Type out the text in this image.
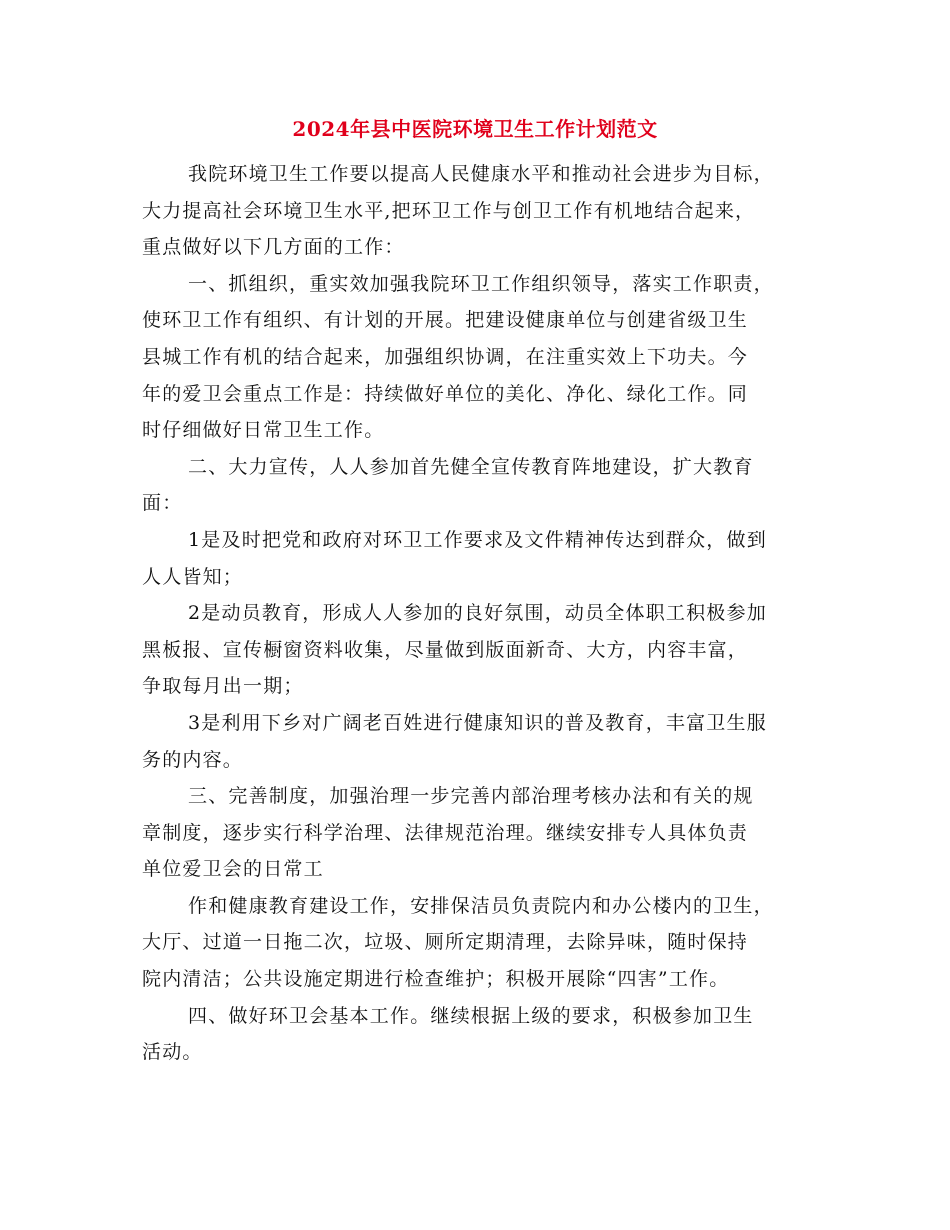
2024年县中医院环境卫生工作计划范文
我院环境卫生工作要以提高人民健康水平和推动社会进步为目标，
大力提高社会环境卫生水平,把环卫工作与创卫工作有机地结合起来，
重点做好以下几方面的工作：
一、抓组织，重实效加强我院环卫工作组织领导，落实工作职责，
使环卫工作有组织、有计划的开展。把建设健康单位与创建省级卫生
县城工作有机的结合起来，加强组织协调，在注重实效上下功夫。今
年的爱卫会重点工作是：持续做好单位的美化、净化、绿化工作。同
时仔细做好日常卫生工作。
二、大力宣传，人人参加首先健全宣传教育阵地建设，扩大教育
面：
1是及时把党和政府对环卫工作要求及文件精神传达到群众，做到
人人皆知；
2是动员教育，形成人人参加的良好氛围，动员全体职工积极参加
黑板报、宣传橱窗资料收集，尽量做到版面新奇、大方，内容丰富，
争取每月出一期；
3是利用下乡对广阔老百姓进行健康知识的普及教育，丰富卫生服
务的内容。
三、完善制度，加强治理一步完善内部治理考核办法和有关的规
章制度，逐步实行科学治理、法律规范治理。继续安排专人具体负责
单位爱卫会的日常工
作和健康教育建设工作，安排保洁员负责院内和办公楼内的卫生，
大厅、过道一日拖二次，垃圾、厕所定期清理，去除异味，随时保持
院内清洁；公共设施定期进行检查维护；积极开展除“四害”工作。
四、做好环卫会基本工作。继续根据上级的要求，积极参加卫生
活动。
